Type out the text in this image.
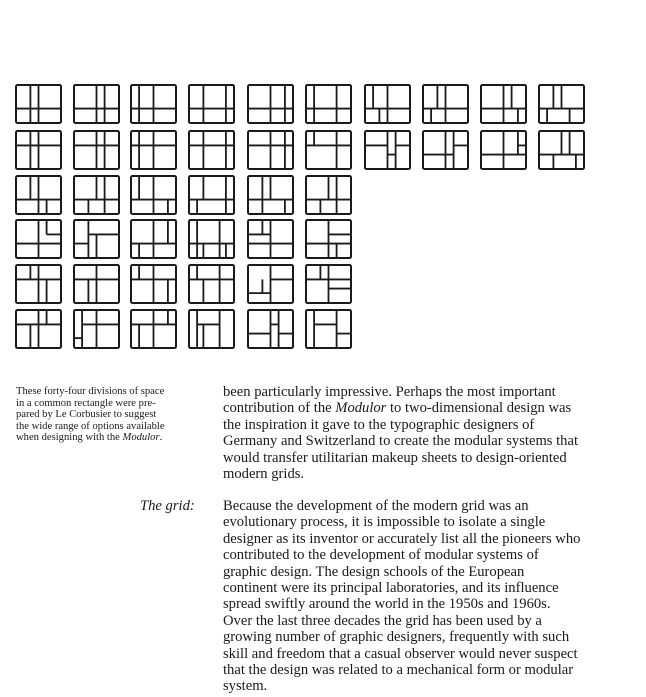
These forty-four divisions of space
in a common rectangle were pre-
pared by Le Corbusier to suggest
the wide range of options available
when designing with the Modulor.
been particularly impressive. Perhaps the most important
contribution of the Modulor to two-dimensional design was
the inspiration it gave to the typographic designers of
Germany and Switzerland to create the modular systems that
would transfer utilitarian makeup sheets to design-oriented
modern grids.
The grid: Because the development of the modern grid was an
evolutionary process, it is impossible to isolate a single
designer as its inventor or accurately list all the pioneers who
contributed to the development of modular systems of
graphic design. The design schools of the European
continent were its principal laboratories, and its influence
spread swiftly around the world in the 1950s and 1960s.
Over the last three decades the grid has been used by a
growing number of graphic designers, frequently with such
skill and freedom that a casual observer would never suspect
that the design was related to a mechanical form or modular
system.
